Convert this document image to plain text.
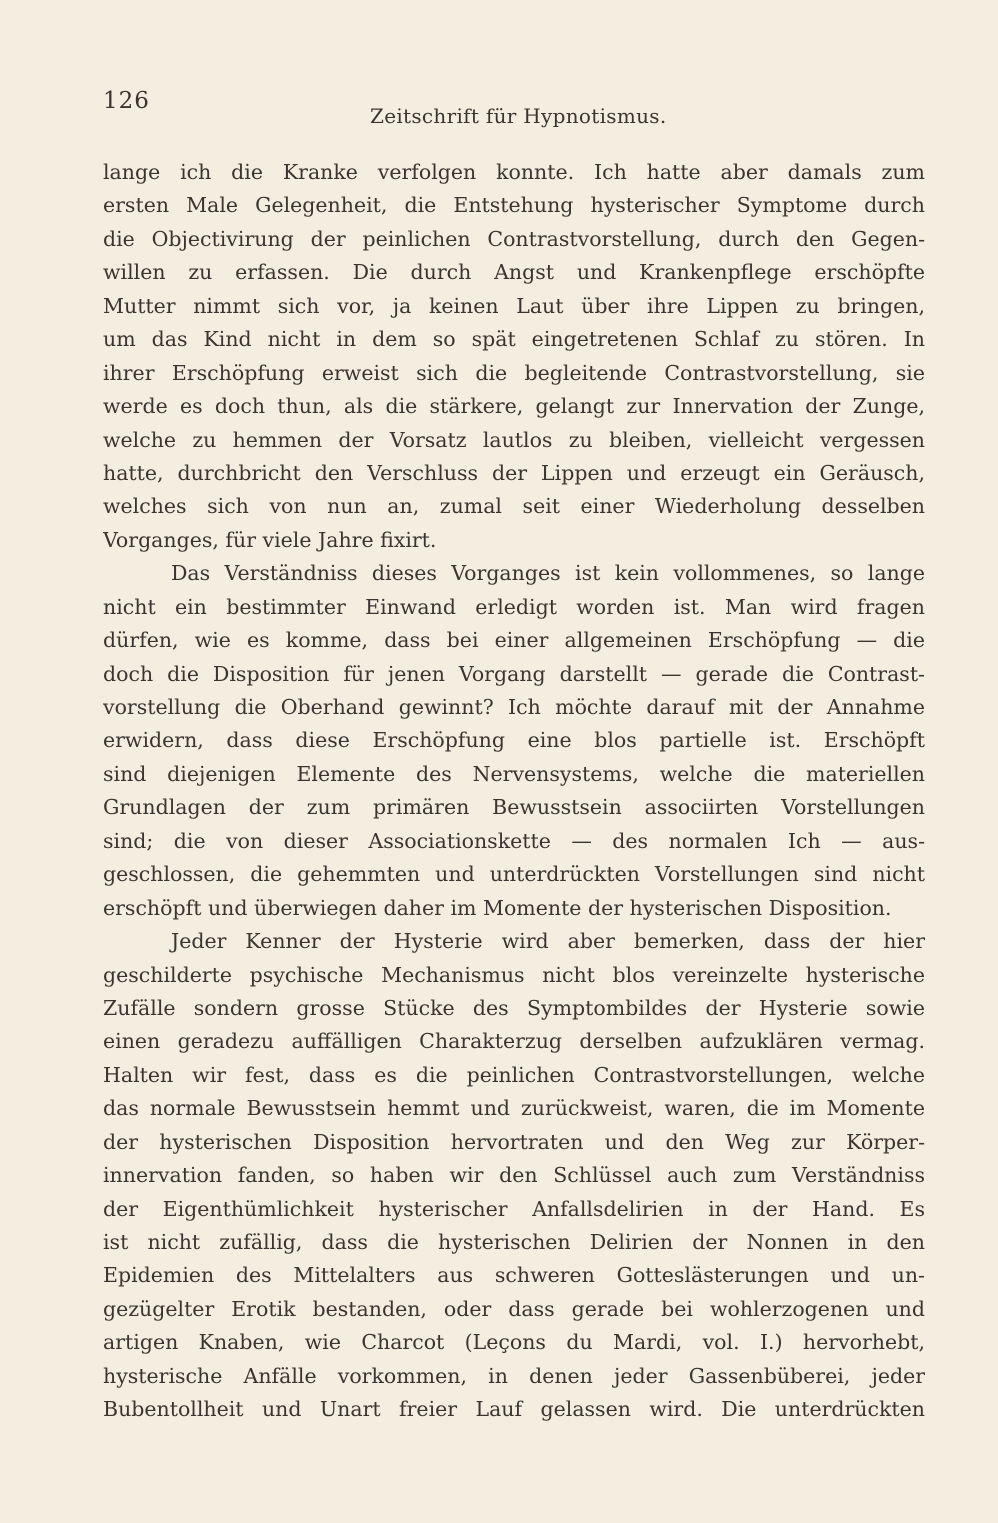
126
Zeitschrift für Hypnotismus.
lange ich die Kranke verfolgen konnte. Ich hatte aber damals zum
ersten Male Gelegenheit, die Entstehung hysterischer Symptome durch
die Objectivirung der peinlichen Contrastvorstellung, durch den Gegen-
willen zu erfassen. Die durch Angst und Krankenpflege erschöpfte
Mutter nimmt sich vor, ja keinen Laut über ihre Lippen zu bringen,
um das Kind nicht in dem so spät eingetretenen Schlaf zu stören. In
ihrer Erschöpfung erweist sich die begleitende Contrastvorstellung, sie
werde es doch thun, als die stärkere, gelangt zur Innervation der Zunge,
welche zu hemmen der Vorsatz lautlos zu bleiben, vielleicht vergessen
hatte, durchbricht den Verschluss der Lippen und erzeugt ein Geräusch,
welches sich von nun an, zumal seit einer Wiederholung desselben
Vorganges, für viele Jahre fixirt.
Das Verständniss dieses Vorganges ist kein vollommenes, so lange
nicht ein bestimmter Einwand erledigt worden ist. Man wird fragen
dürfen, wie es komme, dass bei einer allgemeinen Erschöpfung — die
doch die Disposition für jenen Vorgang darstellt — gerade die Contrast-
vorstellung die Oberhand gewinnt? Ich möchte darauf mit der Annahme
erwidern, dass diese Erschöpfung eine blos partielle ist. Erschöpft
sind diejenigen Elemente des Nervensystems, welche die materiellen
Grundlagen der zum primären Bewusstsein associirten Vorstellungen
sind; die von dieser Associationskette — des normalen Ich — aus-
geschlossen, die gehemmten und unterdrückten Vorstellungen sind nicht
erschöpft und überwiegen daher im Momente der hysterischen Disposition.
Jeder Kenner der Hysterie wird aber bemerken, dass der hier
geschilderte psychische Mechanismus nicht blos vereinzelte hysterische
Zufälle sondern grosse Stücke des Symptombildes der Hysterie sowie
einen geradezu auffälligen Charakterzug derselben aufzuklären vermag.
Halten wir fest, dass es die peinlichen Contrastvorstellungen, welche
das normale Bewusstsein hemmt und zurückweist, waren, die im Momente
der hysterischen Disposition hervortraten und den Weg zur Körper-
innervation fanden, so haben wir den Schlüssel auch zum Verständniss
der Eigenthümlichkeit hysterischer Anfallsdelirien in der Hand. Es
ist nicht zufällig, dass die hysterischen Delirien der Nonnen in den
Epidemien des Mittelalters aus schweren Gotteslästerungen und un-
gezügelter Erotik bestanden, oder dass gerade bei wohlerzogenen und
artigen Knaben, wie Charcot (Leçons du Mardi, vol. I.) hervorhebt,
hysterische Anfälle vorkommen, in denen jeder Gassenbüberei, jeder
Bubentollheit und Unart freier Lauf gelassen wird. Die unterdrückten
